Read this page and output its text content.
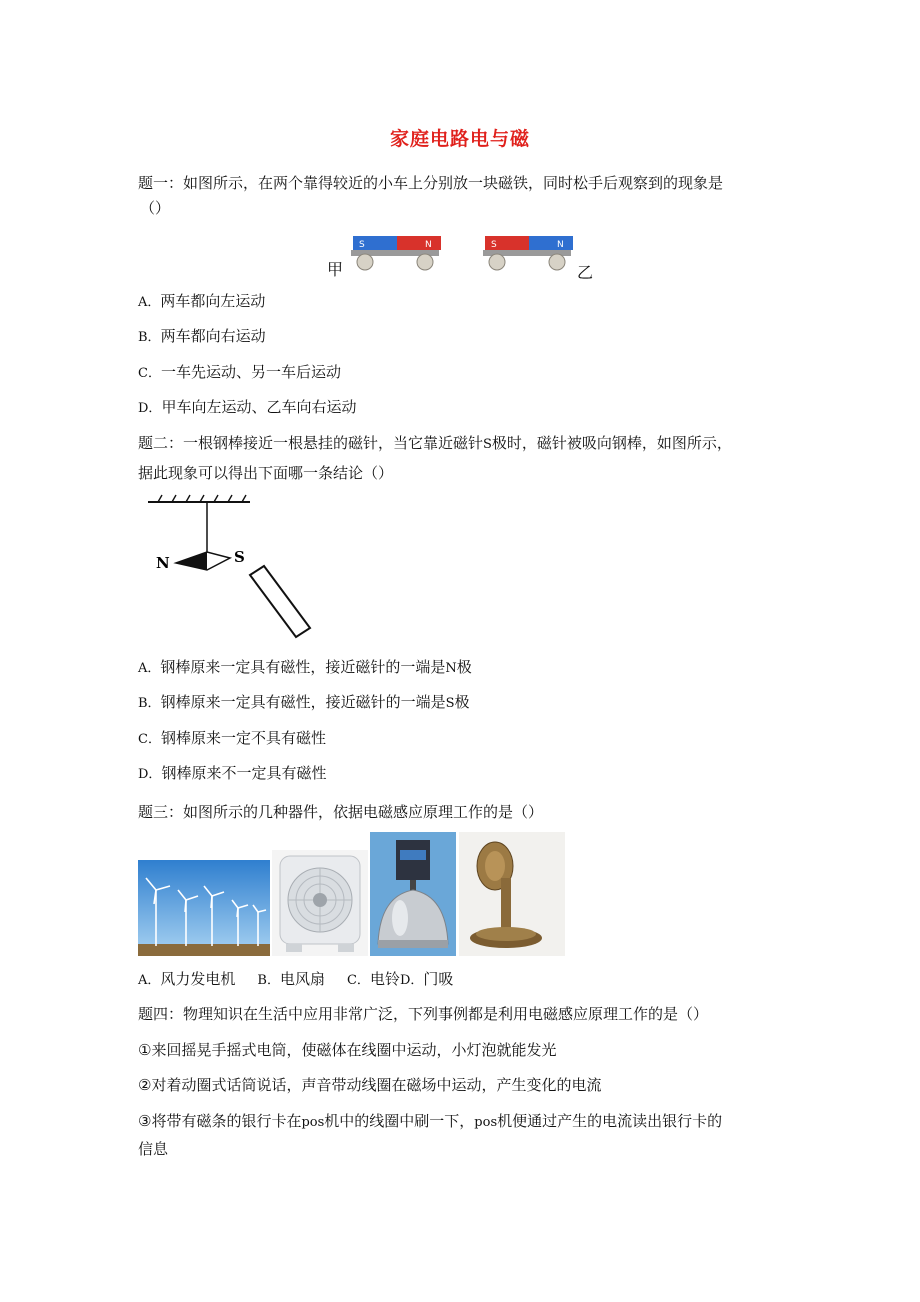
家庭电路电与磁
题一：如图所示，在两个靠得较近的小车上分别放一块磁铁，同时松手后观察到的现象是
（）
S	N
甲
S	N
乙
A．两车都向左运动
B．两车都向右运动
C．一车先运动、另一车后运动
D．甲车向左运动、乙车向右运动
题二：一根钢棒接近一根悬挂的磁针，当它靠近磁针S极时，磁针被吸向钢棒，如图所示，
据此现象可以得出下面哪一条结论（）
N	S
A．钢棒原来一定具有磁性，接近磁针的一端是N极
B．钢棒原来一定具有磁性，接近磁针的一端是S极
C．钢棒原来一定不具有磁性
D．钢棒原来不一定具有磁性
题三：如图所示的几种器件，依据电磁感应原理工作的是（）
A．风力发电机 B．电风扇 C．电铃D．门吸
题四：物理知识在生活中应用非常广泛，下列事例都是利用电磁感应原理工作的是（）
①来回摇晃手摇式电筒，使磁体在线圈中运动，小灯泡就能发光
②对着动圈式话筒说话，声音带动线圈在磁场中运动，产生变化的电流
③将带有磁条的银行卡在pos机中的线圈中刷一下，pos机便通过产生的电流读出银行卡的
信息
